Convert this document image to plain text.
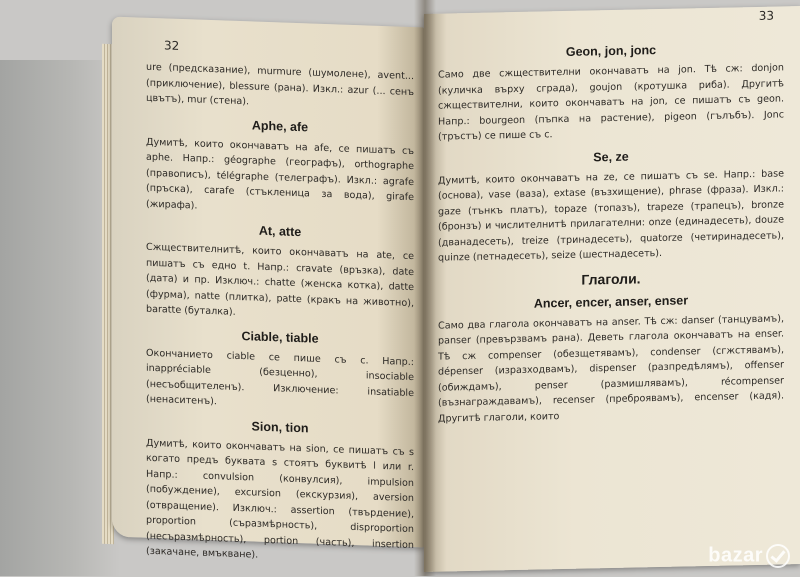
32

ure (предсказание), murmure (шумолене), avent... (приключение), blessure (рана). Изкл.: azur (... сенъ цвътъ), mur (стена).

Aphe, afe

Думитѣ, които окончаватъ на afe, се пишатъ съ aphe. Напр.: géographe (географъ), orthographe (правописъ), télégraphe (телеграфъ). Изкл.: agrafe (пръска), carafe (стъкленица за вода), girafe (жирафа).

At, atte

Сжществителнитѣ, които окончаватъ на ate, се пишатъ съ едно t. Напр.: cravate (връзка), date (дата) и пр. Изключ.: chatte (женска котка), datte (фурма), natte (плитка), patte (кракъ на животно), baratte (буталка).

Ciable, tiable

Окончанието ciable се пише съ c. Напр.: inappréciable (безценно), insociable (несъобщителенъ). Изключение: insatiable (ненаситенъ).

Sion, tion

Думитѣ, които окончаватъ на sion, се пишатъ съ s когато предъ буквата s стоятъ буквитѣ l или r. Напр.: convulsion (конвулсия), impulsion (побуждение), excursion (екскурзия), aversion (отвращение). Изключ.: assertion (твърдение), proportion (съразмѣрность), disproportion (несъразмѣрность), portion (часть), insertion (закачане, вмъкване).

33
Geon, jon, jonc

Само две сжществителни окончаватъ на jon. Тѣ сж: donjon (куличка върху сграда), goujon (кротушка риба). Другитѣ сжществителни, които окончаватъ на jon, се пишатъ съ geon. Напр.: bourgeon (пъпка на растение), pigeon (гълъбъ). Jonc (тръстъ) се пише съ c.

Se, ze

Думитѣ, които окончаватъ на ze, се пишатъ съ se. Напр.: base (основа), vase (ваза), extase (възхищение), phrase (фраза). Изкл.: gaze (тънкъ платъ), topaze (топазъ), trapeze (трапецъ), bronze (бронзъ) и числителнитѣ прилагателни: onze (единадесеть), douze (дванадесеть), treize (тринадесеть), quatorze (четиринадесеть), quinze (петнадесеть), seize (шестнадесеть).

Глаголи.
Ancer, encer, anser, enser

Само два глагола окончаватъ на anser. Тѣ сж: danser (танцувамъ), panser (превързвамъ рана). Деветь глагола окончаватъ на enser. Тѣ сж compenser (обезщетявамъ), condenser (сгжстявамъ), dépenser (изразходвамъ), dispenser (разпредѣлямъ), offenser (обиждамъ), penser (размишлявамъ), récompenser (възнаграждавамъ), recenser (преброявамъ), encenser (кадя). Другитѣ глаголи, които

bazar
